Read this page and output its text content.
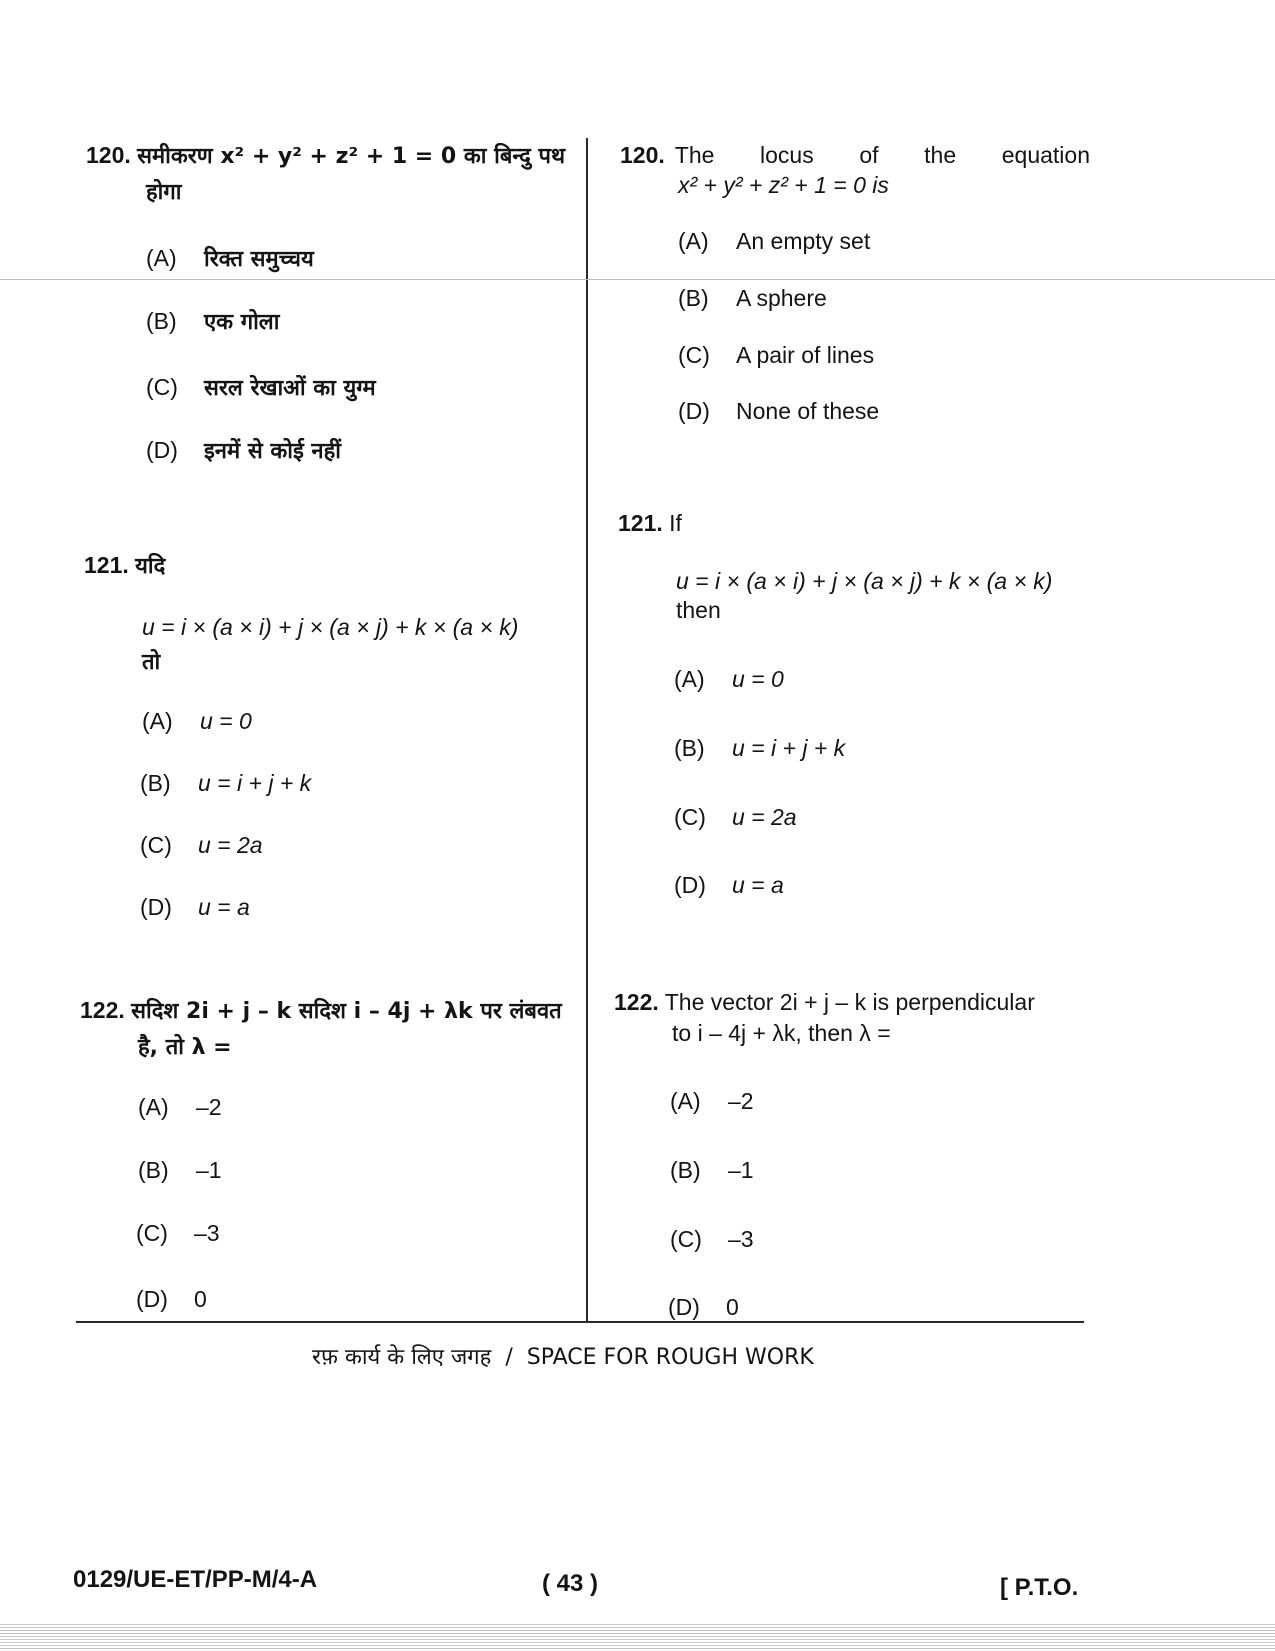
120. समीकरण x² + y² + z² + 1 = 0 का बिन्दु पथ
होगा
(A) रिक्त समुच्चय
(B) एक गोला
(C) सरल रेखाओं का युग्म
(D) इनमें से कोई नहीं
121. यदि
u = i × (a × i) + j × (a × j) + k × (a × k)
तो
(A) u = 0
(B) u = i + j + k
(C) u = 2a
(D) u = a
122. सदिश 2i + j – k सदिश i – 4j + λk पर लंबवत
है, तो λ =
(A) –2
(B) –1
(C) –3
(D) 0
120. The locus of the equation
x² + y² + z² + 1 = 0 is
(A) An empty set
(B) A sphere
(C) A pair of lines
(D) None of these
121. If
u = i × (a × i) + j × (a × j) + k × (a × k)
then
(A) u = 0
(B) u = i + j + k
(C) u = 2a
(D) u = a
122. The vector 2i + j – k is perpendicular
to i – 4j + λk, then λ =
(A) –2
(B) –1
(C) –3
(D) 0
रफ़ कार्य के लिए जगह  /  SPACE FOR ROUGH WORK
0129/UE-ET/PP-M/4-A	( 43 )	[ P.T.O.
